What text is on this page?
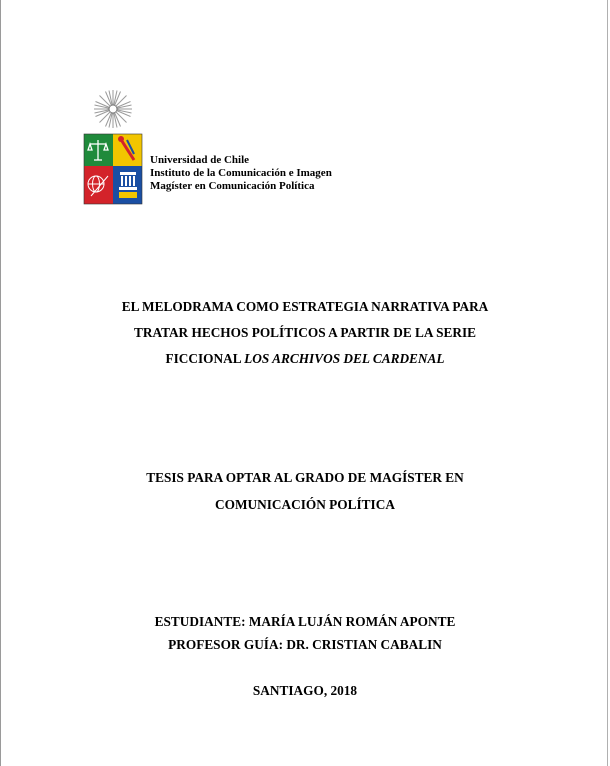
Universidad de Chile
Instituto de la Comunicación e Imagen
Magíster en Comunicación Política
EL MELODRAMA COMO ESTRATEGIA NARRATIVA PARA
TRATAR HECHOS POLÍTICOS A PARTIR DE LA SERIE
FICCIONAL LOS ARCHIVOS DEL CARDENAL
TESIS PARA OPTAR AL GRADO DE MAGÍSTER EN
COMUNICACIÓN POLÍTICA
ESTUDIANTE: MARÍA LUJÁN ROMÁN APONTE
PROFESOR GUÍA: DR. CRISTIAN CABALIN
SANTIAGO, 2018
